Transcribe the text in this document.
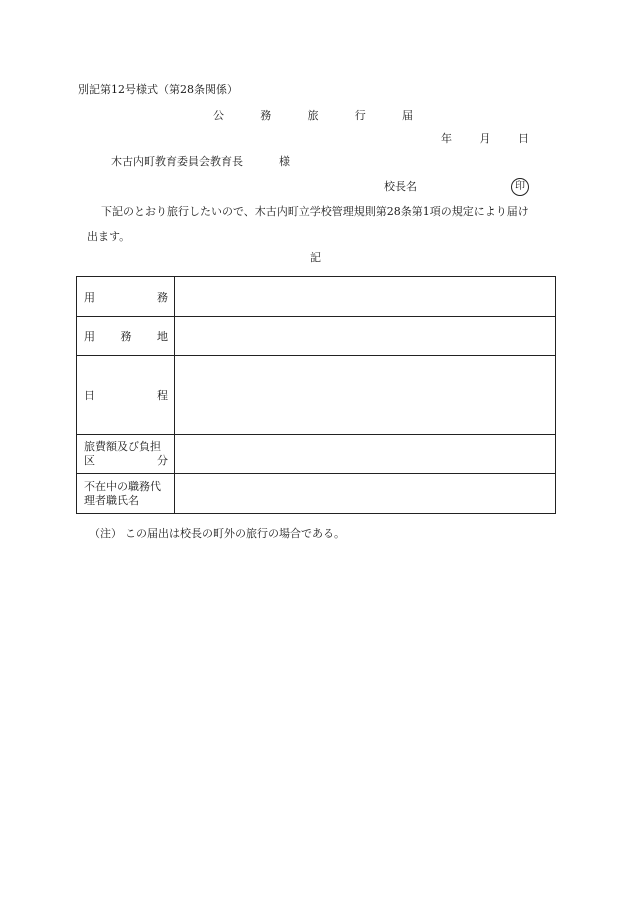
別記第12号様式（第28条関係）
公	務	旅	行	届
年	月	日
木古内町教育委員会教育長	様
校長名	印
下記のとおり旅行したいので、木古内町立学校管理規則第28条第1項の規定により届け
出ます。
記
用 務	

用 務 地	

日 程	

旅費額及び負担
区 分	

不在中の職務代
理者職氏名	

（注） この届出は校長の町外の旅行の場合である。
